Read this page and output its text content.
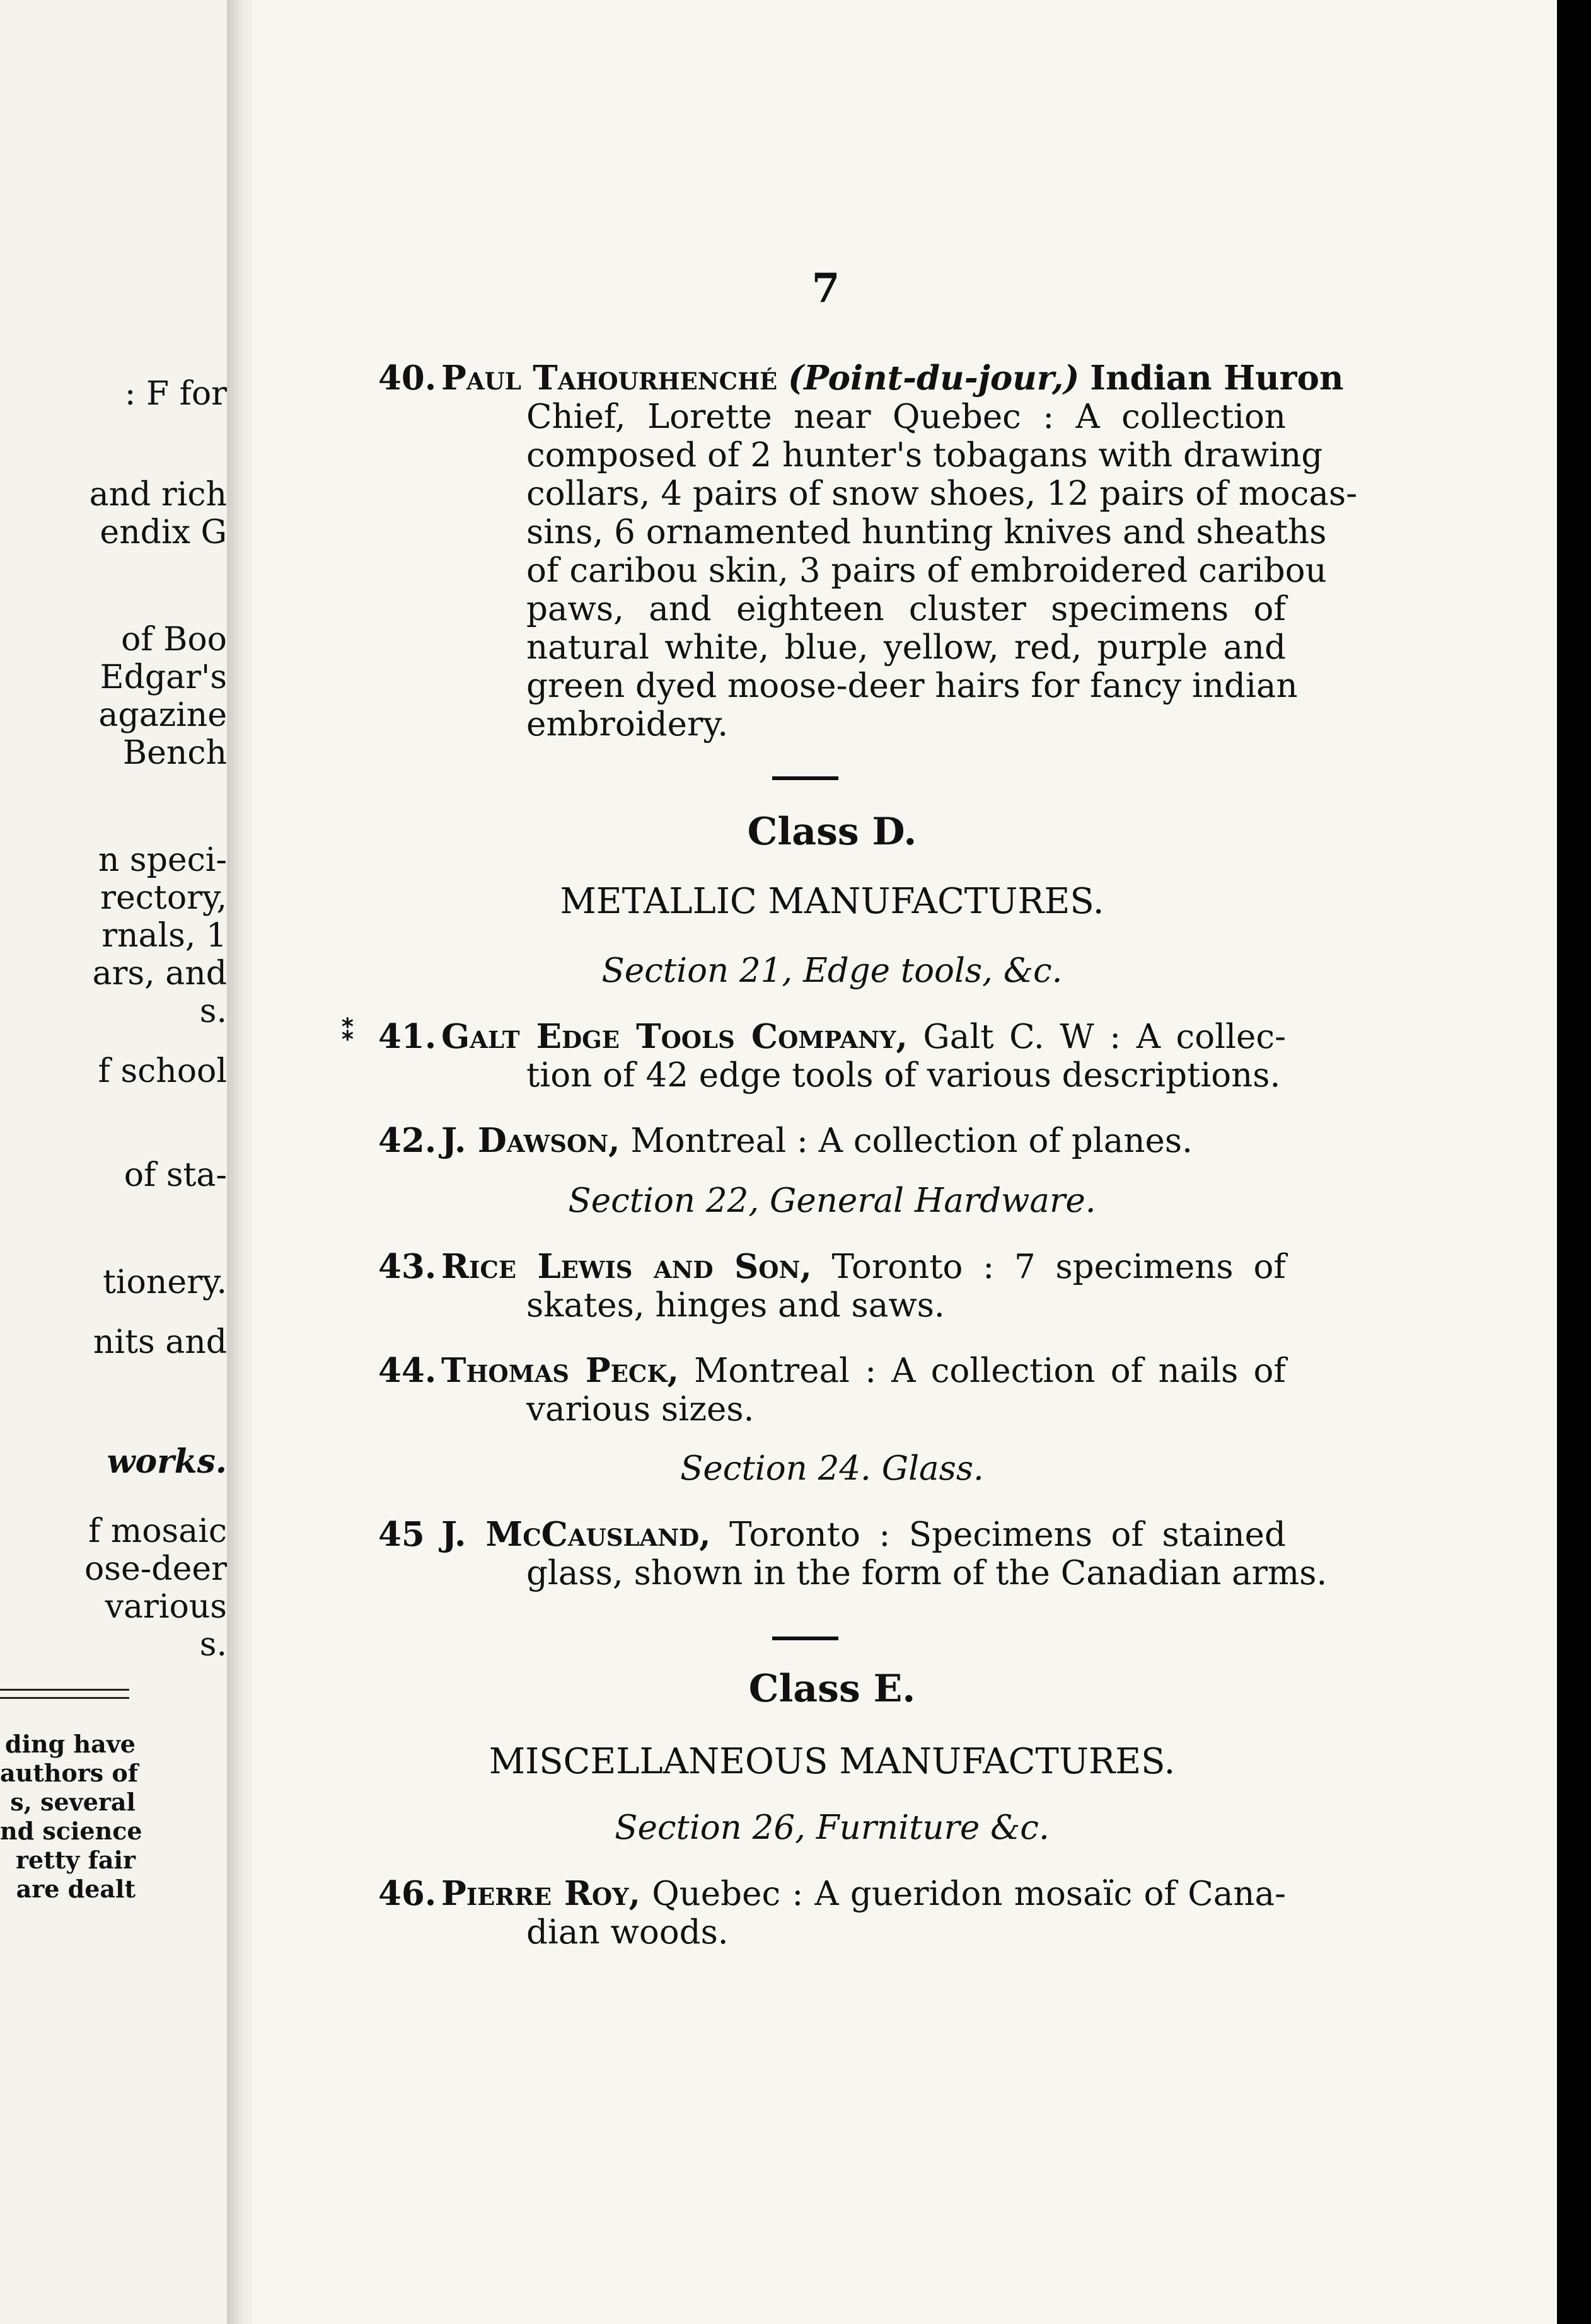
: F for
and rich
endix G
of Boo
Edgar's
agazine
Bench
n speci-
rectory,
rnals, 1
ars, and
s.
f school
of sta-
tionery.
nits and
works.
f mosaic
ose-deer
various
s.
ding have
authors of
s, several
nd science
retty fair
are dealt
7
40. Paul Tahourhenché (Point-du-jour,) Indian Huron
Chief, Lorette near Quebec : A collection
composed of 2 hunter's tobagans with drawing
collars, 4 pairs of snow shoes, 12 pairs of mocas-
sins, 6 ornamented hunting knives and sheaths
of caribou skin, 3 pairs of embroidered caribou
paws, and eighteen cluster specimens of
natural white, blue, yellow, red, purple and
green dyed moose-deer hairs for fancy indian
embroidery.
Class D.
METALLIC MANUFACTURES.
Section 21, Edge tools, &c.
⁑ 41. Galt Edge Tools Company, Galt C. W : A collec-
tion of 42 edge tools of various descriptions.
42. J. Dawson, Montreal : A collection of planes.
Section 22, General Hardware.
43. Rice Lewis and Son, Toronto : 7 specimens of
skates, hinges and saws.
44. Thomas Peck, Montreal : A collection of nails of
various sizes.
Section 24. Glass.
45 J. McCausland, Toronto : Specimens of stained
glass, shown in the form of the Canadian arms.
Class E.
MISCELLANEOUS MANUFACTURES.
Section 26, Furniture &c.
46. Pierre Roy, Quebec : A gueridon mosaïc of Cana-
dian woods.
